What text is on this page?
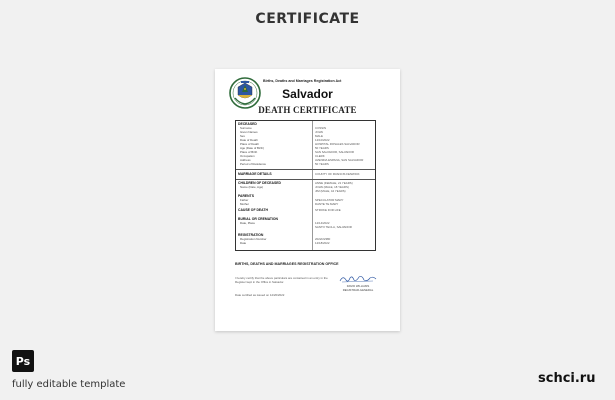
CERTIFICATE
Births, Deaths and Marriages Registration Act
Salvador
DEATH CERTIFICATE
DECEASED
Surname	COSSIN
Given Names	JOHN
Sex	MALE
Date of Death	12/10/2022
Place of Death	HOSPITAL ROSALES SALVADOR
Age (Date of Birth)	50 YEARS
Place of Birth	SAN SALVADOR, SALVADOR
Occupation	CLERK
Address	AVENIDA ESPANA, SAN SALVADOR
Period of Residence	50 YEARS
MARRIAGE DETAILS	COUNTY OF FRANCIS FENWICK
CHILDREN OF DECEASED
Name (Date, Age)
ANNE (FEMALE, 21 YEARS)
JOHN (MALE, 18 YEARS)
JIM (MALE, 44 YEARS)
PARENTS
Father	SPECULATOR MARY
Mother	DANTE TE MARY
CAUSE OF DEATH	STROKE FOR LIFE
BURIAL OR CREMATION
Date, Place	12/14/2022
SANTO TECLA, SALVADOR
REGISTRATION
Registration Number	2022/22380
Date	12/18/2022
BIRTHS, DEATHS AND MARRIAGES REGISTRATION OFFICE
I hereby certify that the above particulars are contained in an entry in the Register kept in the Office in Salvador.
DAVID WILLIAMS
REGISTRAR-GENERAL
Date certified as issued on 12/20/2022
Ps
fully editable template	schci.ru
